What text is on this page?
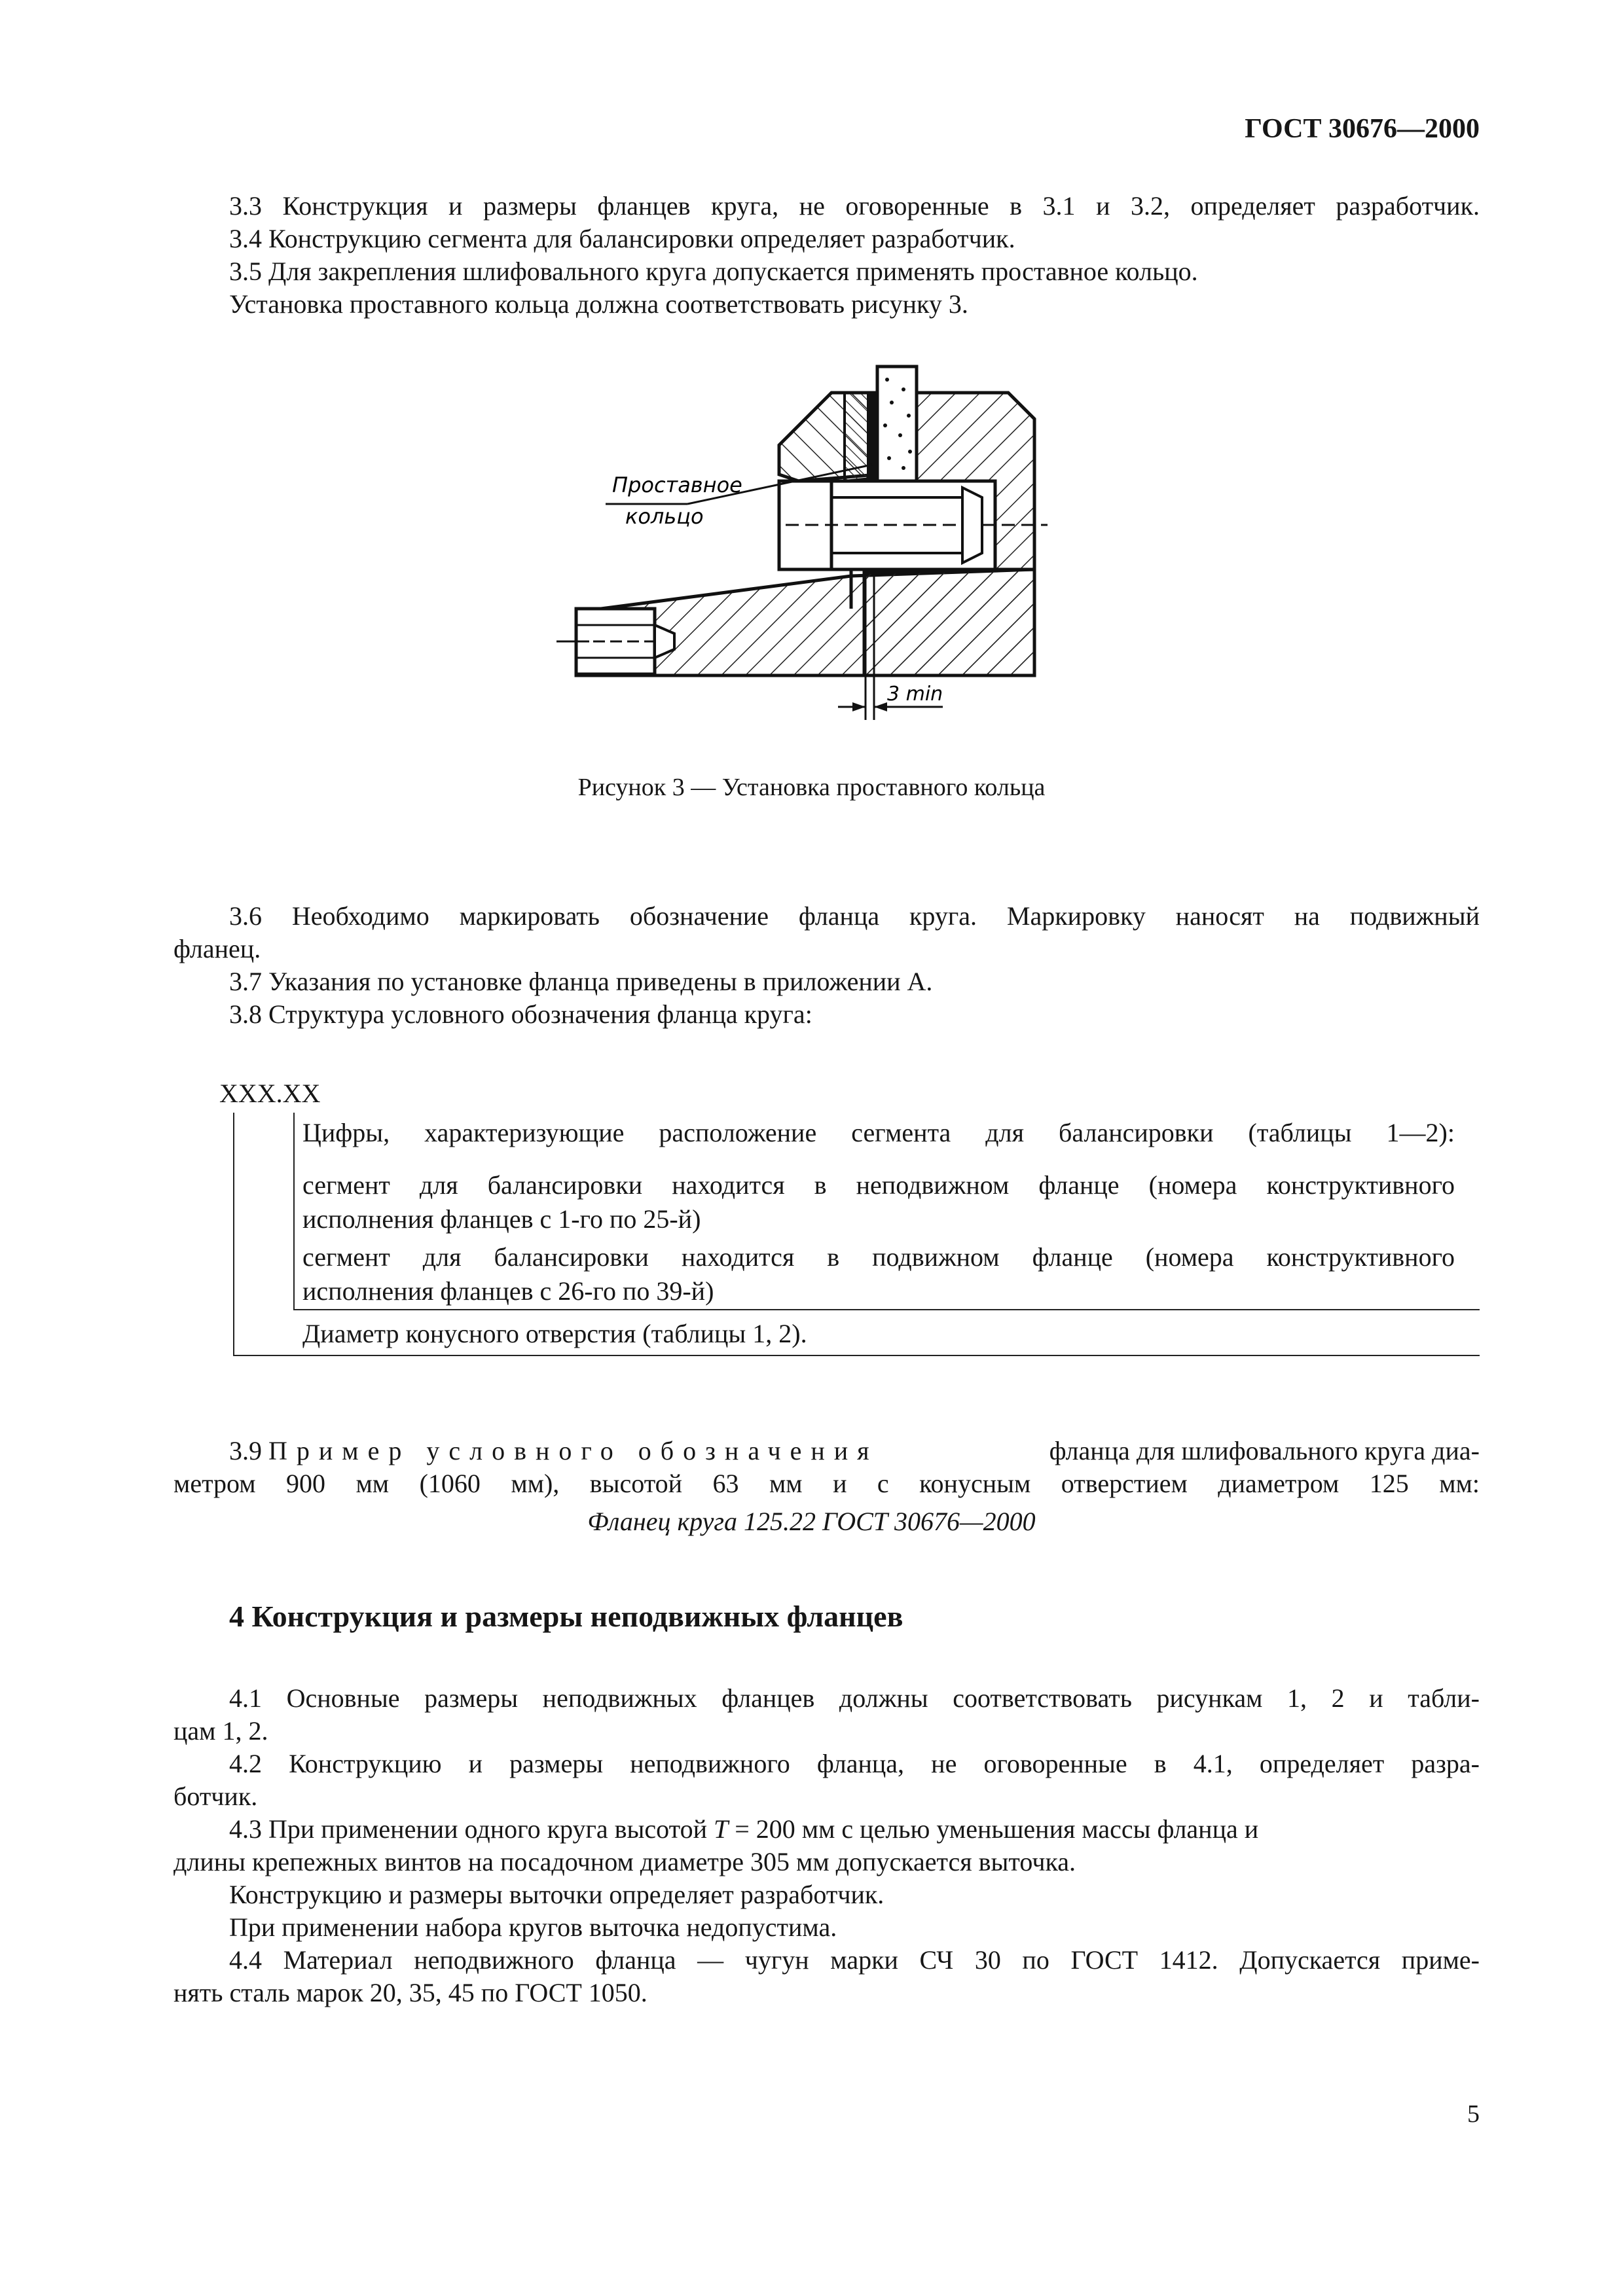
ГОСТ 30676—2000
3.3 Конструкция и размеры фланцев круга, не оговоренные в 3.1 и 3.2, определяет разработчик.
3.4 Конструкцию сегмента для балансировки определяет разработчик.
3.5 Для закрепления шлифовального круга допускается применять проставное кольцо.
Установка проставного кольца должна соответствовать рисунку 3.
Проставное
кольцо
3 min
Рисунок 3 — Установка проставного кольца
3.6 Необходимо маркировать обозначение фланца круга. Маркировку наносят на подвижный
фланец.
3.7 Указания по установке фланца приведены в приложении А.
3.8 Структура условного обозначения фланца круга:
XXX.XX
Цифры, характеризующие расположение сегмента для балансировки (таблицы 1—2):
сегмент для балансировки находится в неподвижном фланце (номера конструктивного
исполнения фланцев с 1-го по 25-й)
сегмент для балансировки находится в подвижном фланце (номера конструктивного
исполнения фланцев с 26-го по 39-й)
Диаметр конусного отверстия (таблицы 1, 2).
3.9 Пример условного обозначения	фланца для шлифовального круга диа-
метром 900 мм (1060 мм), высотой 63 мм и с конусным отверстием диаметром 125 мм:
Фланец круга 125.22 ГОСТ 30676—2000
4 Конструкция и размеры неподвижных фланцев
4.1 Основные размеры неподвижных фланцев должны соответствовать рисункам 1, 2 и табли-
цам 1, 2.
4.2 Конструкцию и размеры неподвижного фланца, не оговоренные в 4.1, определяет разра-
ботчик.
4.3 При применении одного круга высотой T = 200 мм с целью уменьшения массы фланца и
длины крепежных винтов на посадочном диаметре 305 мм допускается выточка.
Конструкцию и размеры выточки определяет разработчик.
При применении набора кругов выточка недопустима.
4.4 Материал неподвижного фланца — чугун марки СЧ 30 по ГОСТ 1412. Допускается приме-
нять сталь марок 20, 35, 45 по ГОСТ 1050.
5
